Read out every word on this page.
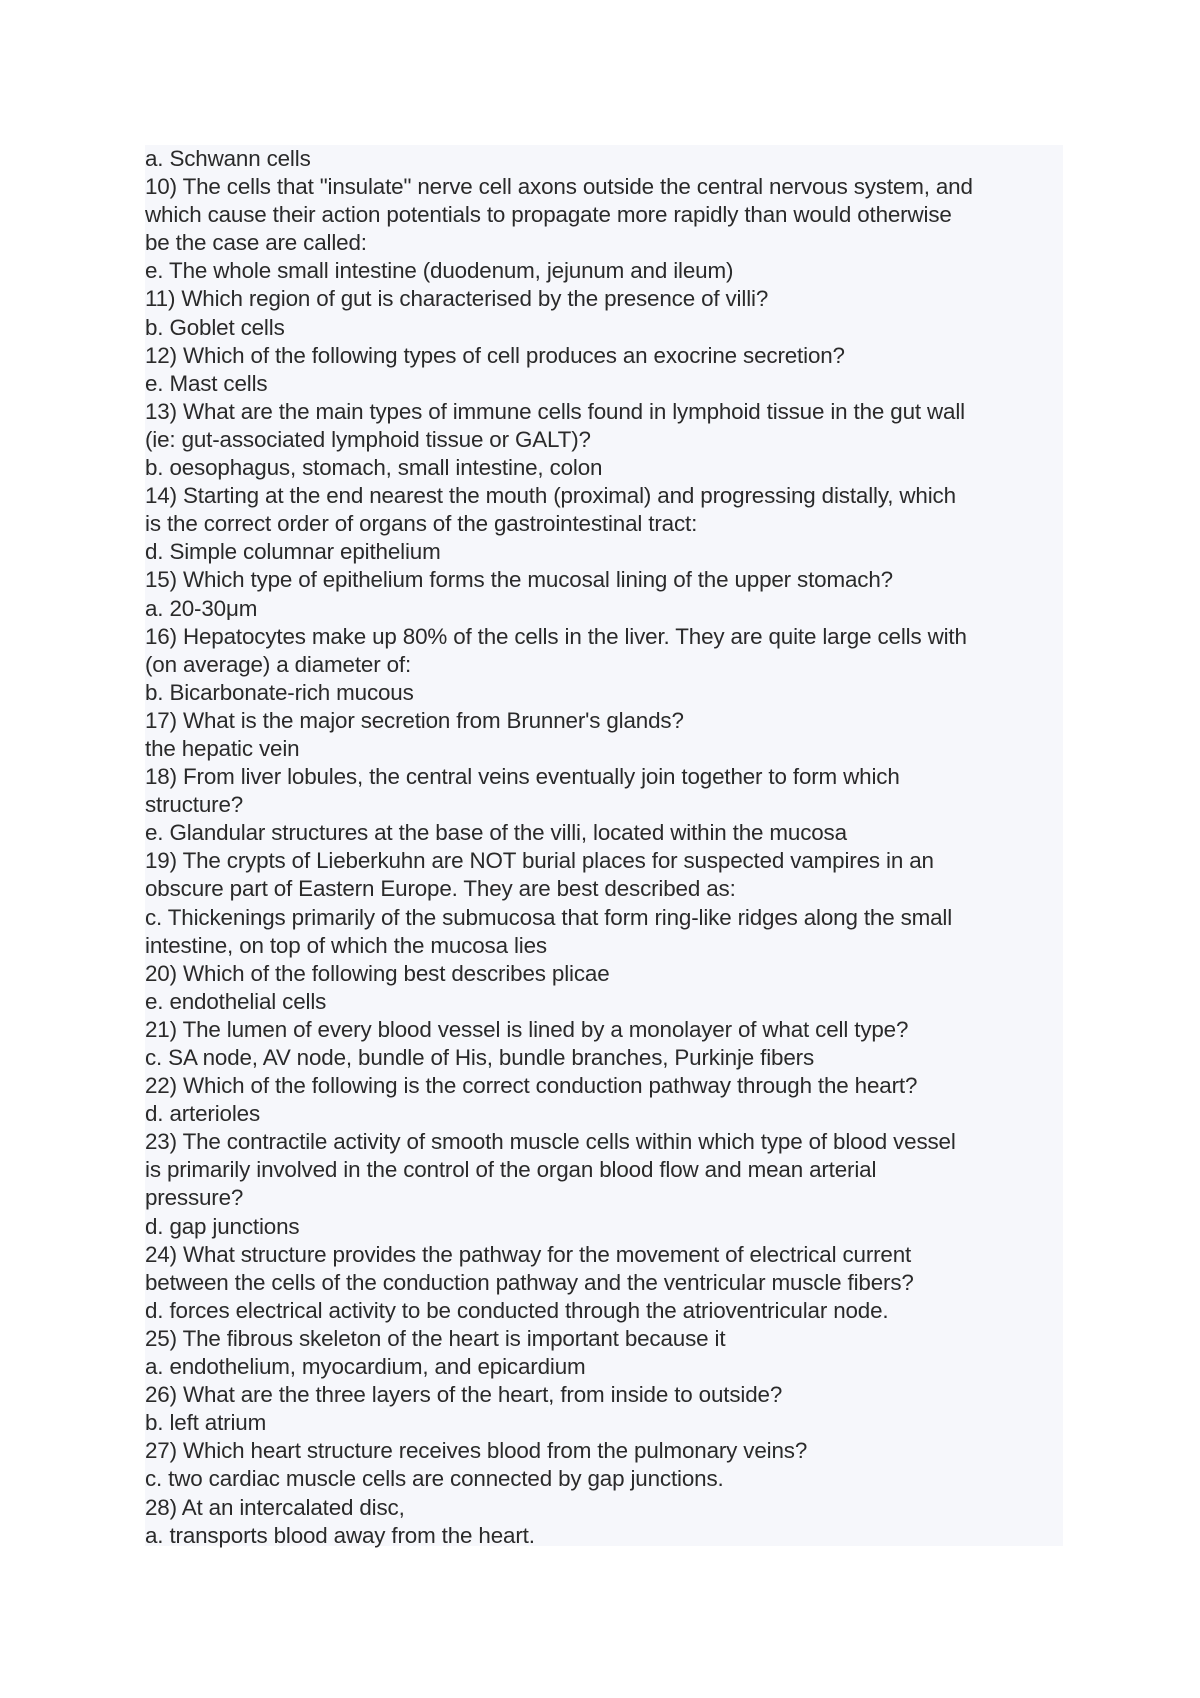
a. Schwann cells
10) The cells that "insulate" nerve cell axons outside the central nervous system, and
which cause their action potentials to propagate more rapidly than would otherwise
be the case are called:
e. The whole small intestine (duodenum, jejunum and ileum)
11) Which region of gut is characterised by the presence of villi?
b. Goblet cells
12) Which of the following types of cell produces an exocrine secretion?
e. Mast cells
13) What are the main types of immune cells found in lymphoid tissue in the gut wall
(ie: gut-associated lymphoid tissue or GALT)?
b. oesophagus, stomach, small intestine, colon
14) Starting at the end nearest the mouth (proximal) and progressing distally, which
is the correct order of organs of the gastrointestinal tract:
d. Simple columnar epithelium
15) Which type of epithelium forms the mucosal lining of the upper stomach?
a. 20-30μm
16) Hepatocytes make up 80% of the cells in the liver. They are quite large cells with
(on average) a diameter of:
b. Bicarbonate-rich mucous
17) What is the major secretion from Brunner's glands?
the hepatic vein
18) From liver lobules, the central veins eventually join together to form which
structure?
e. Glandular structures at the base of the villi, located within the mucosa
19) The crypts of Lieberkuhn are NOT burial places for suspected vampires in an
obscure part of Eastern Europe. They are best described as:
c. Thickenings primarily of the submucosa that form ring-like ridges along the small
intestine, on top of which the mucosa lies
20) Which of the following best describes plicae
e. endothelial cells
21) The lumen of every blood vessel is lined by a monolayer of what cell type?
c. SA node, AV node, bundle of His, bundle branches, Purkinje fibers
22) Which of the following is the correct conduction pathway through the heart?
d. arterioles
23) The contractile activity of smooth muscle cells within which type of blood vessel
is primarily involved in the control of the organ blood flow and mean arterial
pressure?
d. gap junctions
24) What structure provides the pathway for the movement of electrical current
between the cells of the conduction pathway and the ventricular muscle fibers?
d. forces electrical activity to be conducted through the atrioventricular node.
25) The fibrous skeleton of the heart is important because it
a. endothelium, myocardium, and epicardium
26) What are the three layers of the heart, from inside to outside?
b. left atrium
27) Which heart structure receives blood from the pulmonary veins?
c. two cardiac muscle cells are connected by gap junctions.
28) At an intercalated disc,
a. transports blood away from the heart.
